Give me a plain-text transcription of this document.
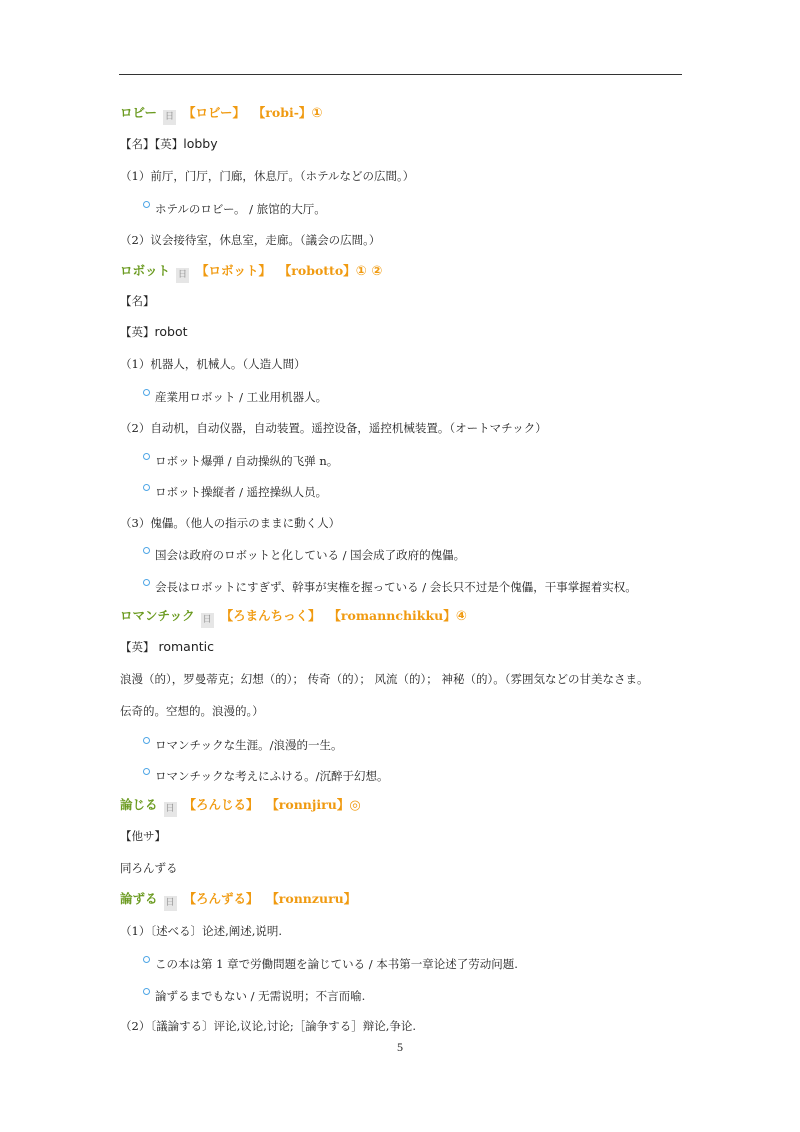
ロビー 日 【ロビー】 【robi-】①
【名】【英】lobby
（1）前厅，门厅，门廊，休息厅。（ホテルなどの広間。）
ホテルのロビー。 / 旅馆的大厅。
（2）议会接待室，休息室，走廊。（議会の広間。）
ロボット 日 【ロボット】 【robotto】① ②
【名】
【英】robot
（1）机器人，机械人。（人造人間）
産業用ロボット / 工业用机器人。
（2）自动机，自动仪器，自动装置。遥控设备，遥控机械装置。（オートマチック）
ロボット爆弾 / 自动操纵的飞弹 n。
ロボット操縦者 / 遥控操纵人员。
（3）傀儡。（他人の指示のままに動く人）
国会は政府のロボットと化している / 国会成了政府的傀儡。
会長はロボットにすぎず、幹事が実権を握っている / 会长只不过是个傀儡，干事掌握着实权。
ロマンチック 日 【ろまんちっく】 【romannchikku】④
【英】 romantic
浪漫（的），罗曼蒂克；幻想（的）； 传奇（的）； 风流（的）； 神秘（的）。（雰囲気などの甘美なさま。
伝奇的。空想的。浪漫的。）
ロマンチックな生涯。/浪漫的一生。
ロマンチックな考えにふける。/沉醉于幻想。
論じる 日 【ろんじる】 【ronnjiru】◎
【他サ】
同ろんずる
論ずる 日 【ろんずる】 【ronnzuru】
（1）〔述べる〕论述,阐述,说明.
この本は第 1 章で労働問題を論じている / 本书第一章论述了劳动问题.
論ずるまでもない / 无需说明；不言而喻.
（2）〔議論する〕评论,议论,讨论;［論争する］辩论,争论.
5
